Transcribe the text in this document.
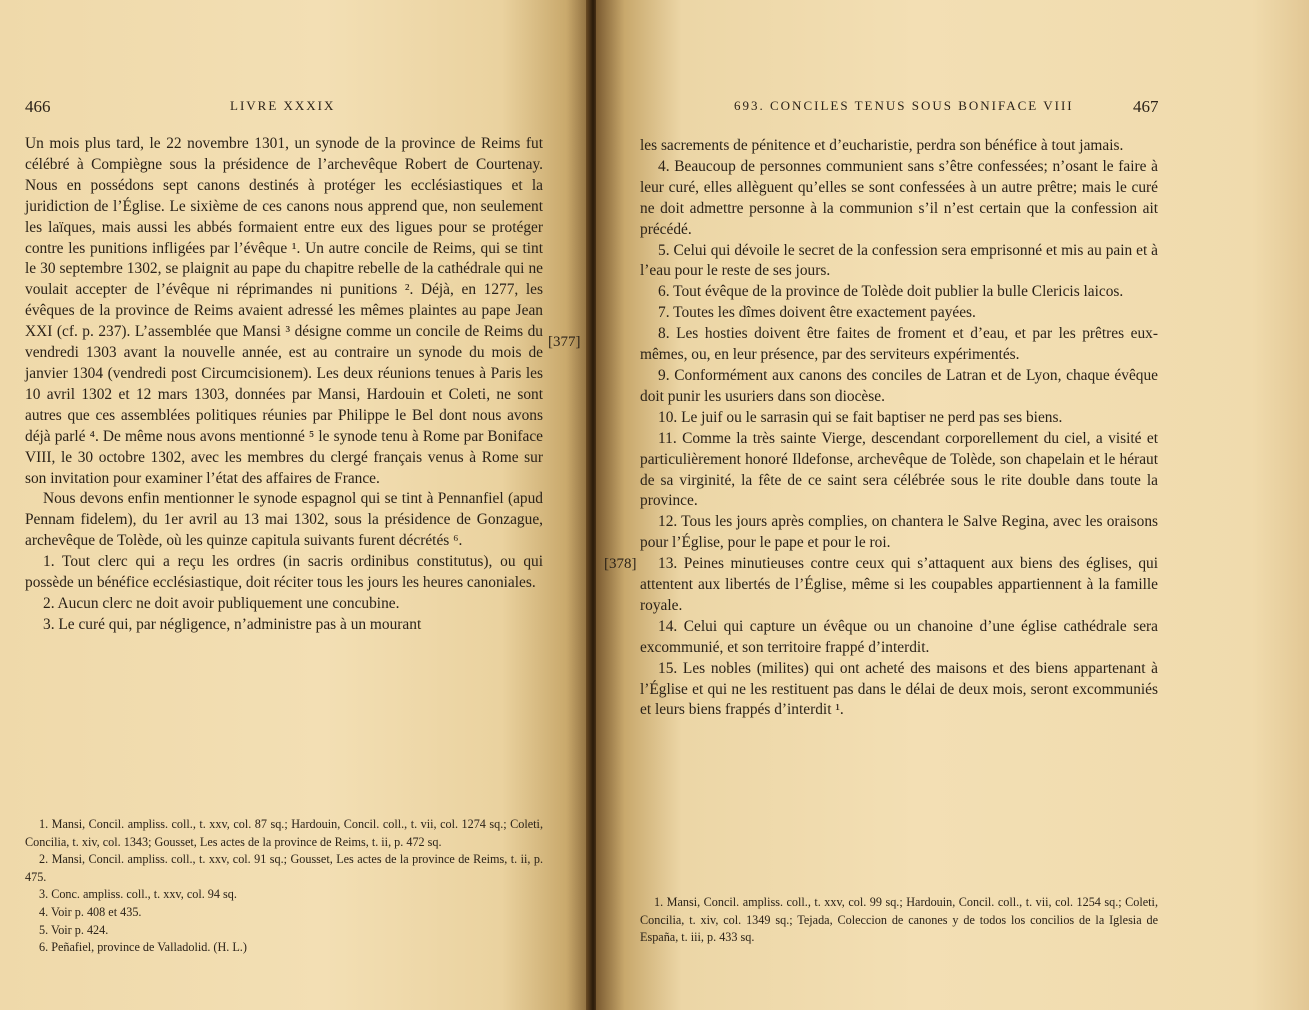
466	LIVRE XXXIX

Un mois plus tard, le 22 novembre 1301, un synode de la province de Reims fut célébré à Compiègne sous la présidence de l’archevêque Robert de Courtenay. Nous en possédons sept canons destinés à protéger les ecclésiastiques et la juridiction de l’Église. Le sixième de ces canons nous apprend que, non seulement les laïques, mais aussi les abbés formaient entre eux des ligues pour se protéger contre les punitions infligées par l’évêque ¹. Un autre concile de Reims, qui se tint le 30 septembre 1302, se plaignit au pape du chapitre rebelle de la cathédrale qui ne voulait accepter de l’évêque ni réprimandes ni punitions ². Déjà, en 1277, les évêques de la province de Reims avaient adressé les mêmes plaintes au pape Jean XXI (cf. p. 237). L’assemblée que Mansi ³ désigne comme un concile de Reims du vendredi 1303 avant la nouvelle année, est au contraire un synode du mois de janvier 1304 (vendredi post Circumcisionem). Les deux réunions tenues à Paris les 10 avril 1302 et 12 mars 1303, données par Mansi, Hardouin et Coleti, ne sont autres que ces assemblées politiques réunies par Philippe le Bel dont nous avons déjà parlé ⁴. De même nous avons mentionné ⁵ le synode tenu à Rome par Boniface VIII, le 30 octobre 1302, avec les membres du clergé français venus à Rome sur son invitation pour examiner l’état des affaires de France.

Nous devons enfin mentionner le synode espagnol qui se tint à Pennanfiel (apud Pennam fidelem), du 1er avril au 13 mai 1302, sous la présidence de Gonzague, archevêque de Tolède, où les quinze capitula suivants furent décrétés ⁶.

1. Tout clerc qui a reçu les ordres (in sacris ordinibus constitutus), ou qui possède un bénéfice ecclésiastique, doit réciter tous les jours les heures canoniales.

2. Aucun clerc ne doit avoir publiquement une concubine.

3. Le curé qui, par négligence, n’administre pas à un mourant

[377]

1. Mansi, Concil. ampliss. coll., t. xxv, col. 87 sq.; Hardouin, Concil. coll., t. vii, col. 1274 sq.; Coleti, Concilia, t. xiv, col. 1343; Gousset, Les actes de la province de Reims, t. ii, p. 472 sq.

2. Mansi, Concil. ampliss. coll., t. xxv, col. 91 sq.; Gousset, Les actes de la province de Reims, t. ii, p. 475.

3. Conc. ampliss. coll., t. xxv, col. 94 sq.

4. Voir p. 408 et 435.

5. Voir p. 424.

6. Peñafiel, province de Valladolid. (H. L.)

693. CONCILES TENUS SOUS BONIFACE VIII	467

les sacrements de pénitence et d’eucharistie, perdra son bénéfice à tout jamais.

4. Beaucoup de personnes communient sans s’être confessées; n’osant le faire à leur curé, elles allèguent qu’elles se sont confessées à un autre prêtre; mais le curé ne doit admettre personne à la communion s’il n’est certain que la confession ait précédé.

5. Celui qui dévoile le secret de la confession sera emprisonné et mis au pain et à l’eau pour le reste de ses jours.

6. Tout évêque de la province de Tolède doit publier la bulle Clericis laicos.

7. Toutes les dîmes doivent être exactement payées.

8. Les hosties doivent être faites de froment et d’eau, et par les prêtres eux-mêmes, ou, en leur présence, par des serviteurs expérimentés.

9. Conformément aux canons des conciles de Latran et de Lyon, chaque évêque doit punir les usuriers dans son diocèse.

10. Le juif ou le sarrasin qui se fait baptiser ne perd pas ses biens.

11. Comme la très sainte Vierge, descendant corporellement du ciel, a visité et particulièrement honoré Ildefonse, archevêque de Tolède, son chapelain et le héraut de sa virginité, la fête de ce saint sera célébrée sous le rite double dans toute la province.

12. Tous les jours après complies, on chantera le Salve Regina, avec les oraisons pour l’Église, pour le pape et pour le roi.

13. Peines minutieuses contre ceux qui s’attaquent aux biens des églises, qui attentent aux libertés de l’Église, même si les coupables appartiennent à la famille royale.

14. Celui qui capture un évêque ou un chanoine d’une église cathédrale sera excommunié, et son territoire frappé d’interdit.

15. Les nobles (milites) qui ont acheté des maisons et des biens appartenant à l’Église et qui ne les restituent pas dans le délai de deux mois, seront excommuniés et leurs biens frappés d’interdit ¹.

[378]

1. Mansi, Concil. ampliss. coll., t. xxv, col. 99 sq.; Hardouin, Concil. coll., t. vii, col. 1254 sq.; Coleti, Concilia, t. xiv, col. 1349 sq.; Tejada, Coleccion de canones y de todos los concilios de la Iglesia de España, t. iii, p. 433 sq.
